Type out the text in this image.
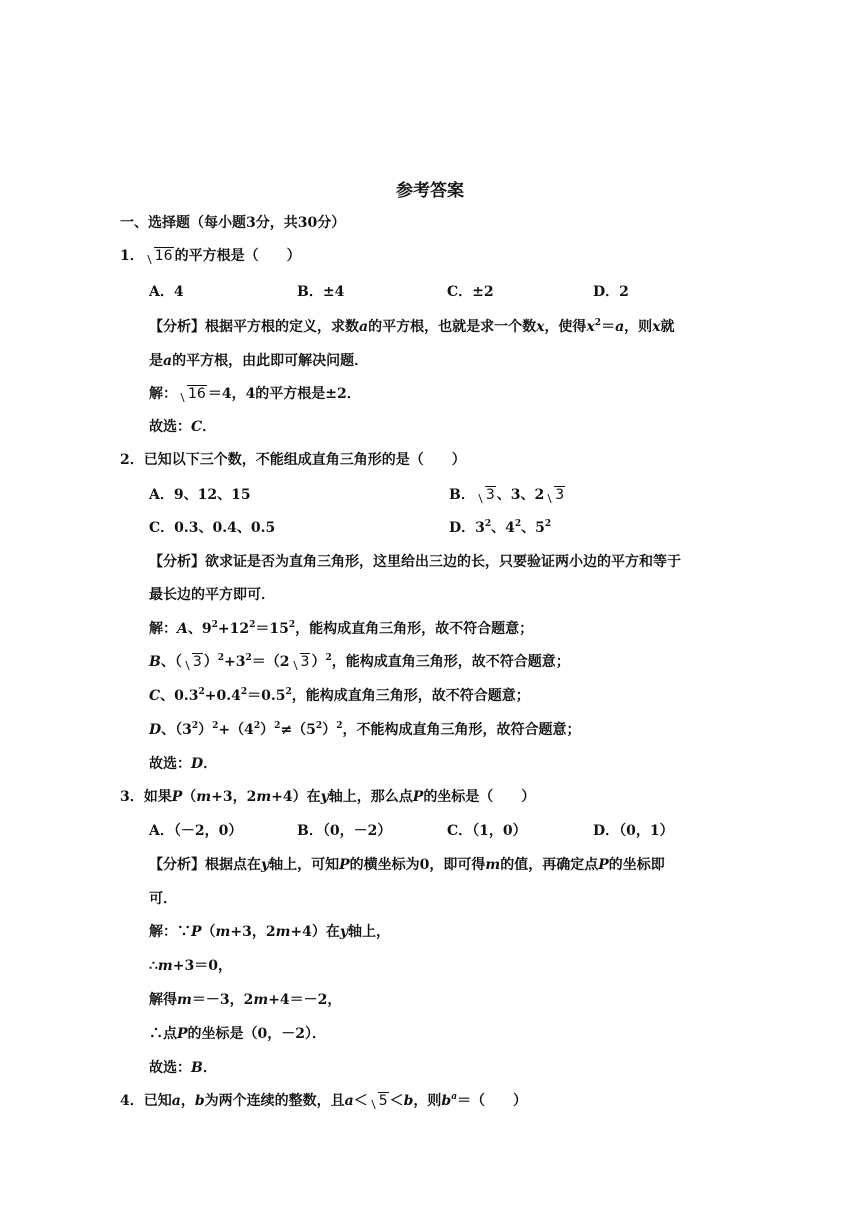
参考答案
一、选择题（每小题3分，共30分）
1． 16 的平方根是（　　）
A．4	B．±4	C．±2	D．2
【分析】根据平方根的定义，求数a的平方根，也就是求一个数x，使得$x^2=a$，则x就
是a的平方根，由此即可解决问题．
解： 16 ＝4，4的平方根是±2．
故选：C．
2．已知以下三个数，不能组成直角三角形的是（　　）
A．9、12、15	B． 3 、3、2 3
C．0.3、0.4、0.5	D．$3^2$、$4^2$、$5^2$
【分析】欲求证是否为直角三角形，这里给出三边的长，只要验证两小边的平方和等于
最长边的平方即可．
解：A、$9^2+12^2=15^2$，能构成直角三角形，故不符合题意；
B、（ 3 ）$^2+3^2=(2$ 3 ）$^2$，能构成直角三角形，故不符合题意；
C、$0.3^2+0.4^2=0.5^2$，能构成直角三角形，故不符合题意；
D、$(3^2)^2+(4^2)^2\ne(5^2)^2$，不能构成直角三角形，故符合题意；
故选：D．
3．如果P（m+3，2m+4）在y轴上，那么点P的坐标是（　　）
A．（－2，0）	B．（0，－2）	C．（1，0）	D．（0，1）
【分析】根据点在y轴上，可知P的横坐标为0，即可得m的值，再确定点P的坐标即
可．
解：∵P（m+3，2m+4）在y轴上，
∴m+3＝0，
解得m＝－3，2m+4＝－2，
∴点P的坐标是（0，－2）．
故选：B．
4．已知a，b为两个连续的整数，且a＜ 5 ＜b，则$b^a=$（　　）
